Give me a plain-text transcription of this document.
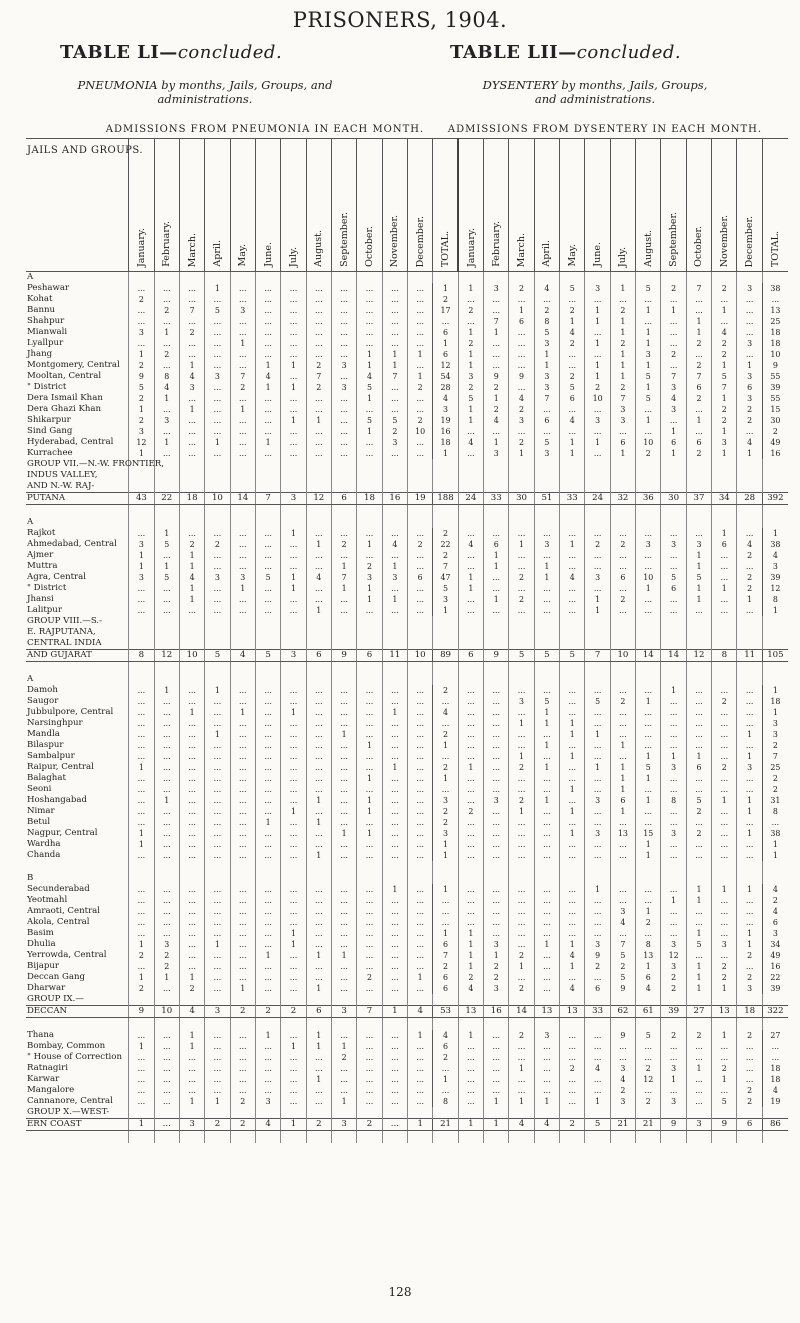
PRISONERS, 1904.
TABLE LI—concluded.	TABLE LII—concluded.
PNEUMONIA by months, Jails, Groups, and
administrations.
DYSENTERY by months, Jails, Groups,
and administrations.
ADMISSIONS FROM PNEUMONIA IN EACH MONTH.	ADMISSIONS FROM DYSENTERY IN EACH MONTH.
JAILS AND GROUPS.	January.	February.	March.	April.	May.	June.	July.	August.	September.	October.	November.	December.	TOTAL.	January.	February.	March.	April.	May.	June.	July.	August.	September.	October.	November.	December.	TOTAL.

A																										
Peshawar	...	...	...	1	...	...	...	...	...	...	...	...	1	1	3	2	4	5	3	1	5	2	7	2	3	38
Kohat	2	...	...	...	...	...	...	...	...	...	...	...	2	...	...	...	...	...	...	...	...	...	...	...	...	...
Bannu	...	2	7	5	3	...	...	...	...	...	...	...	17	2	...	1	2	2	1	2	1	1	...	1	...	13
Shahpur	...	...	...	...	...	...	...	...	...	...	...	...	...	...	7	6	8	1	1	1	...	...	1	...	...	25
Mianwali	3	1	2	...	...	...	...	...	...	...	...	...	6	1	1	...	5	4	...	1	1	...	1	4	...	18
Lyallpur	...	...	...	...	1	...	...	...	...	...	...	...	1	2	...	...	3	2	1	2	1	...	2	2	3	18
Jhang	1	2	...	...	...	...	...	...	...	1	1	1	6	1	...	...	1	...	...	1	3	2	...	2	...	10
Montgomery, Central	2	...	1	...	...	1	1	2	3	1	1	...	12	1	...	...	1	...	1	1	1	...	2	1	1	9
Mooltan, Central	9	8	4	3	7	4	...	7	...	4	7	1	54	3	9	9	3	2	1	1	5	7	7	5	3	55
" District	5	4	3	...	2	1	1	2	3	5	...	2	28	2	2	...	3	5	2	2	1	3	6	7	6	39
Dera Ismail Khan	2	1	...	...	...	...	...	...	...	1	...	...	4	5	1	4	7	6	10	7	5	4	2	1	3	55
Dera Ghazi Khan	1	...	1	...	1	...	...	...	...	...	...	...	3	1	2	2	...	...	...	3	...	3	...	2	2	15
Shikarpur	2	3	...	...	...	...	1	1	...	5	5	2	19	1	4	3	6	4	3	3	1	...	1	2	2	30
Sind Gang	3	...	...	...	...	...	...	...	...	1	2	10	16	...	...	...	...	...	...	...	...	1	...	1	...	2
Hyderabad, Central	12	1	...	1	...	1	...	...	...	...	3	...	18	4	1	2	5	1	1	6	10	6	6	3	4	49
Kurrachee	1	...	...	...	...	...	...	...	...	...	...	...	1	...	3	1	3	1	...	1	2	1	2	1	1	16
GROUP VII.—N.-W. FRONTIER,																										
INDUS VALLEY,																										
AND N.-W. RAJ-																										
PUTANA	43	22	18	10	14	7	3	12	6	18	16	19	188	24	33	30	51	33	24	32	36	30	37	34	28	392

A																										
Rajkot	...	1	...	...	...	...	1	...	...	...	...	...	2	...	...	...	...	...	...	...	...	...	...	1	...	1
Ahmedabad, Central	3	5	2	2	...	...	...	1	2	1	4	2	22	4	6	1	3	1	2	2	3	3	3	6	4	38
Ajmer	1	...	1	...	...	...	...	...	...	...	...	...	2	...	1	...	...	...	...	...	...	...	1	...	2	4
Muttra	1	1	1	...	...	...	...	...	1	2	1	...	7	...	1	...	1	...	...	...	...	...	1	...	...	3
Agra, Central	3	5	4	3	3	5	1	4	7	3	3	6	47	1	...	2	1	4	3	6	10	5	5	...	2	39
" District	...	...	1	...	1	...	1	...	1	1	...	...	5	1	...	...	...	...	...	...	1	6	1	1	2	12
Jhansi	...	...	1	...	...	...	...	...	...	1	1	...	3	...	1	2	...	...	1	2	...	...	1	...	1	8
Lalitpur	...	...	...	...	...	...	...	1	...	...	...	...	1	...	...	...	...	...	1	...	...	...	...	...	...	1
GROUP VIII.—S.-																										
E. RAJPUTANA,																										
CENTRAL INDIA																										
AND GUJARAT	8	12	10	5	4	5	3	6	9	6	11	10	89	6	9	5	5	5	7	10	14	14	12	8	11	105

A																										
Damoh	...	1	...	1	...	...	...	...	...	...	...	...	2	...	...	...	...	...	...	...	...	1	...	...	...	1
Saugor	...	...	...	...	...	...	...	...	...	...	...	...	...	...	...	3	5	...	5	2	1	...	...	2	...	18
Jubbulpore, Central	...	...	1	...	1	...	1	...	...	...	1	...	4	...	...	...	1	...	...	...	...	...	...	...	...	1
Narsinghpur	...	...	...	...	...	...	...	...	...	...	...	...	...	...	...	1	1	1	...	...	...	...	...	...	...	3
Mandla	...	...	...	1	...	...	...	...	1	...	...	...	2	...	...	...	...	1	1	...	...	...	...	...	1	3
Bilaspur	...	...	...	...	...	...	...	...	...	1	...	...	1	...	...	...	1	...	...	1	...	...	...	...	...	2
Sambalpur	...	...	...	...	...	...	...	...	...	...	...	...	...	...	...	1	...	1	...	...	1	1	1	...	1	7
Raipur, Central	1	...	...	...	...	...	...	...	...	...	1	...	2	1	...	2	1	...	1	1	5	3	6	2	3	25
Balaghat	...	...	...	...	...	...	...	...	...	1	...	...	1	...	...	...	...	...	...	1	1	...	...	...	...	2
Seoni	...	...	...	...	...	...	...	...	...	...	...	...	...	...	...	...	...	1	...	1	...	...	...	...	...	2
Hoshangabad	...	1	...	...	...	...	...	1	...	1	...	...	3	...	3	2	1	...	3	6	1	8	5	1	1	31
Nimar	...	...	...	...	...	...	1	...	...	1	...	...	2	2	...	1	...	1	...	1	...	...	2	...	1	8
Betul	...	...	...	...	...	1	...	1	...	...	...	...	2	...	...	...	...	...	...	...	...	...	...	...	...	...
Nagpur, Central	1	...	...	...	...	...	...	...	1	1	...	...	3	...	...	...	...	1	3	13	15	3	2	...	1	38
Wardha	1	...	...	...	...	...	...	...	...	...	...	...	1	...	...	...	...	...	...	...	1	...	...	...	...	1
Chanda	...	...	...	...	...	...	...	1	...	...	...	...	1	...	...	...	...	...	...	...	1	...	...	...	...	1

B																										
Secunderabad	...	...	...	...	...	...	...	...	...	...	1	...	1	...	...	...	...	...	1	...	...	...	1	1	1	4
Yeotmahl	...	...	...	...	...	...	...	...	...	...	...	...	...	...	...	...	...	...	...	...	...	1	1	...	...	2
Amraoti, Central	...	...	...	...	...	...	...	...	...	...	...	...	...	...	...	...	...	...	...	3	1	...	...	...	...	4
Akola, Central	...	...	...	...	...	...	...	...	...	...	...	...	...	...	...	...	...	...	...	4	2	...	...	...	...	6
Basim	...	...	...	...	...	...	1	...	...	...	...	...	1	1	...	...	...	...	...	...	...	...	1	...	1	3
Dhulia	1	3	...	1	...	...	1	...	...	...	...	...	6	1	3	...	1	1	3	7	8	3	5	3	1	34
Yerrowda, Central	2	2	...	...	...	1	...	1	1	...	...	...	7	1	1	2	...	4	9	5	13	12	...	...	2	49
Bijapur	...	2	...	...	...	...	...	...	...	...	...	...	2	1	2	1	...	1	2	2	1	3	1	2	...	16
Deccan Gang	1	1	1	...	...	...	...	...	...	2	...	1	6	2	2	...	...	...	...	5	6	2	1	2	2	22
Dharwar	2	...	2	...	1	...	...	1	...	...	...	...	6	4	3	2	...	4	6	9	4	2	1	1	3	39
GROUP IX.—																										
DECCAN	9	10	4	3	2	2	2	6	3	7	1	4	53	13	16	14	13	13	33	62	61	39	27	13	18	322

Thana	...	...	1	...	...	1	...	1	...	...	...	1	4	1	...	2	3	...	...	9	5	2	2	1	2	27
Bombay, Common	1	...	1	...	...	...	1	1	1	...	...	...	6	...	...	...	...	...	...	...	...	...	...	...	...	...
" House of Correction	...	...	...	...	...	...	...	...	2	...	...	...	2	...	...	...	...	...	...	...	...	...	...	...	...	...
Ratnagiri	...	...	...	...	...	...	...	...	...	...	...	...	...	...	...	1	...	2	4	3	2	3	1	2	...	18
Karwar	...	...	...	...	...	...	...	1	...	...	...	...	1	...	...	...	...	...	...	4	12	1	...	1	...	18
Mangalore	...	...	...	...	...	...	...	...	...	...	...	...	...	...	...	...	...	...	...	2	...	...	...	...	2	4
Cannanore, Central	...	...	1	1	2	3	...	...	1	...	...	...	8	...	1	1	1	...	1	3	2	3	...	5	2	19
GROUP X.—WEST-																										
ERN COAST	1	...	3	2	2	4	1	2	3	2	...	1	21	1	1	4	4	2	5	21	21	9	3	9	6	86

128
